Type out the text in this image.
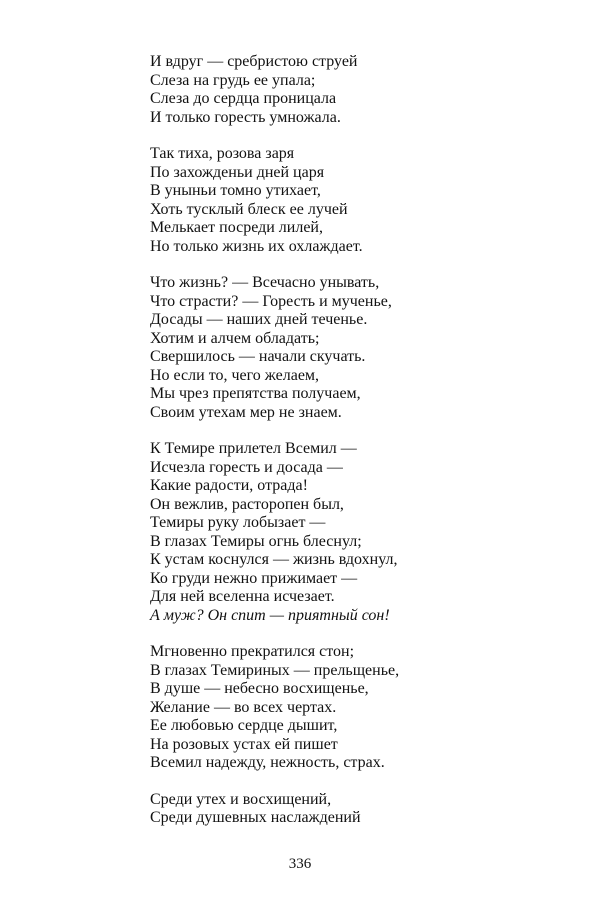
И вдруг — сребристою струей
Слеза на грудь ее упала;
Слеза до сердца проницала
И только горесть умножала.
Так тиха, розова заря
По захожденьи дней царя
В уныньи томно утихает,
Хоть тусклый блеск ее лучей
Мелькает посреди лилей,
Но только жизнь их охлаждает.
Что жизнь? — Всечасно унывать,
Что страсти? — Горесть и мученье,
Досады — наших дней теченье.
Хотим и алчем обладать;
Свершилось — начали скучать.
Но если то, чего желаем,
Мы чрез препятства получаем,
Своим утехам мер не знаем.
К Темире прилетел Всемил —
Исчезла горесть и досада —
Какие радости, отрада!
Он вежлив, расторопен был,
Темиры руку лобызает —
В глазах Темиры огнь блеснул;
К устам коснулся — жизнь вдохнул,
Ко груди нежно прижимает —
Для ней вселенна исчезает.
А муж? Он спит — приятный сон!
Мгновенно прекратился стон;
В глазах Темириных — прельщенье,
В душе — небесно восхищенье,
Желание — во всех чертах.
Ее любовью сердце дышит,
На розовых устах ей пишет
Всемил надежду, нежность, страх.
Среди утех и восхищений,
Среди душевных наслаждений
336
